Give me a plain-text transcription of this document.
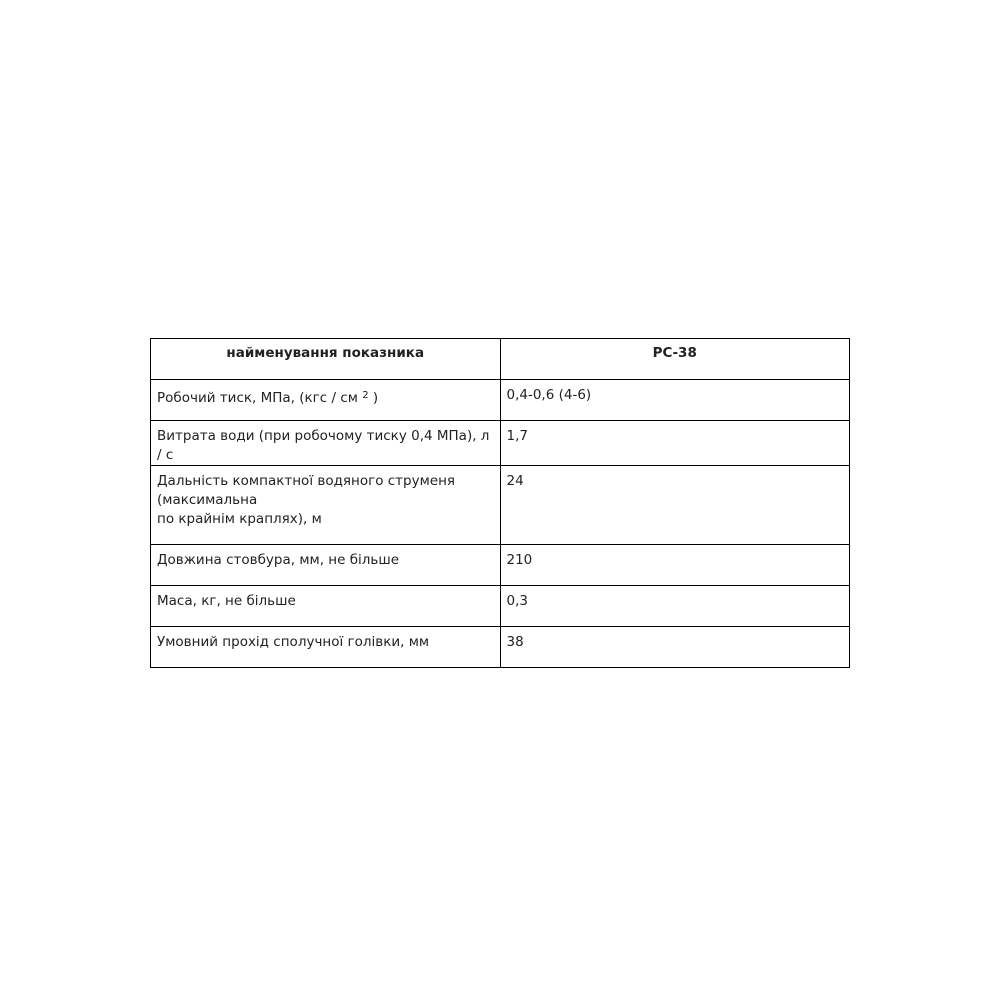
найменування показника	РС-38
Робочий тиск, МПа, (кгс / см $^2$ )	0,4-0,6 (4-6)
Витрата води (при робочому тиску 0,4 МПа), л / с	1,7

Дальність компактної водяного струменя
(максимальна
по крайнім краплях), м	24
Довжина стовбура, мм, не більше	210
Маса, кг, не більше	0,3
Умовний прохід сполучної голівки, мм	38
